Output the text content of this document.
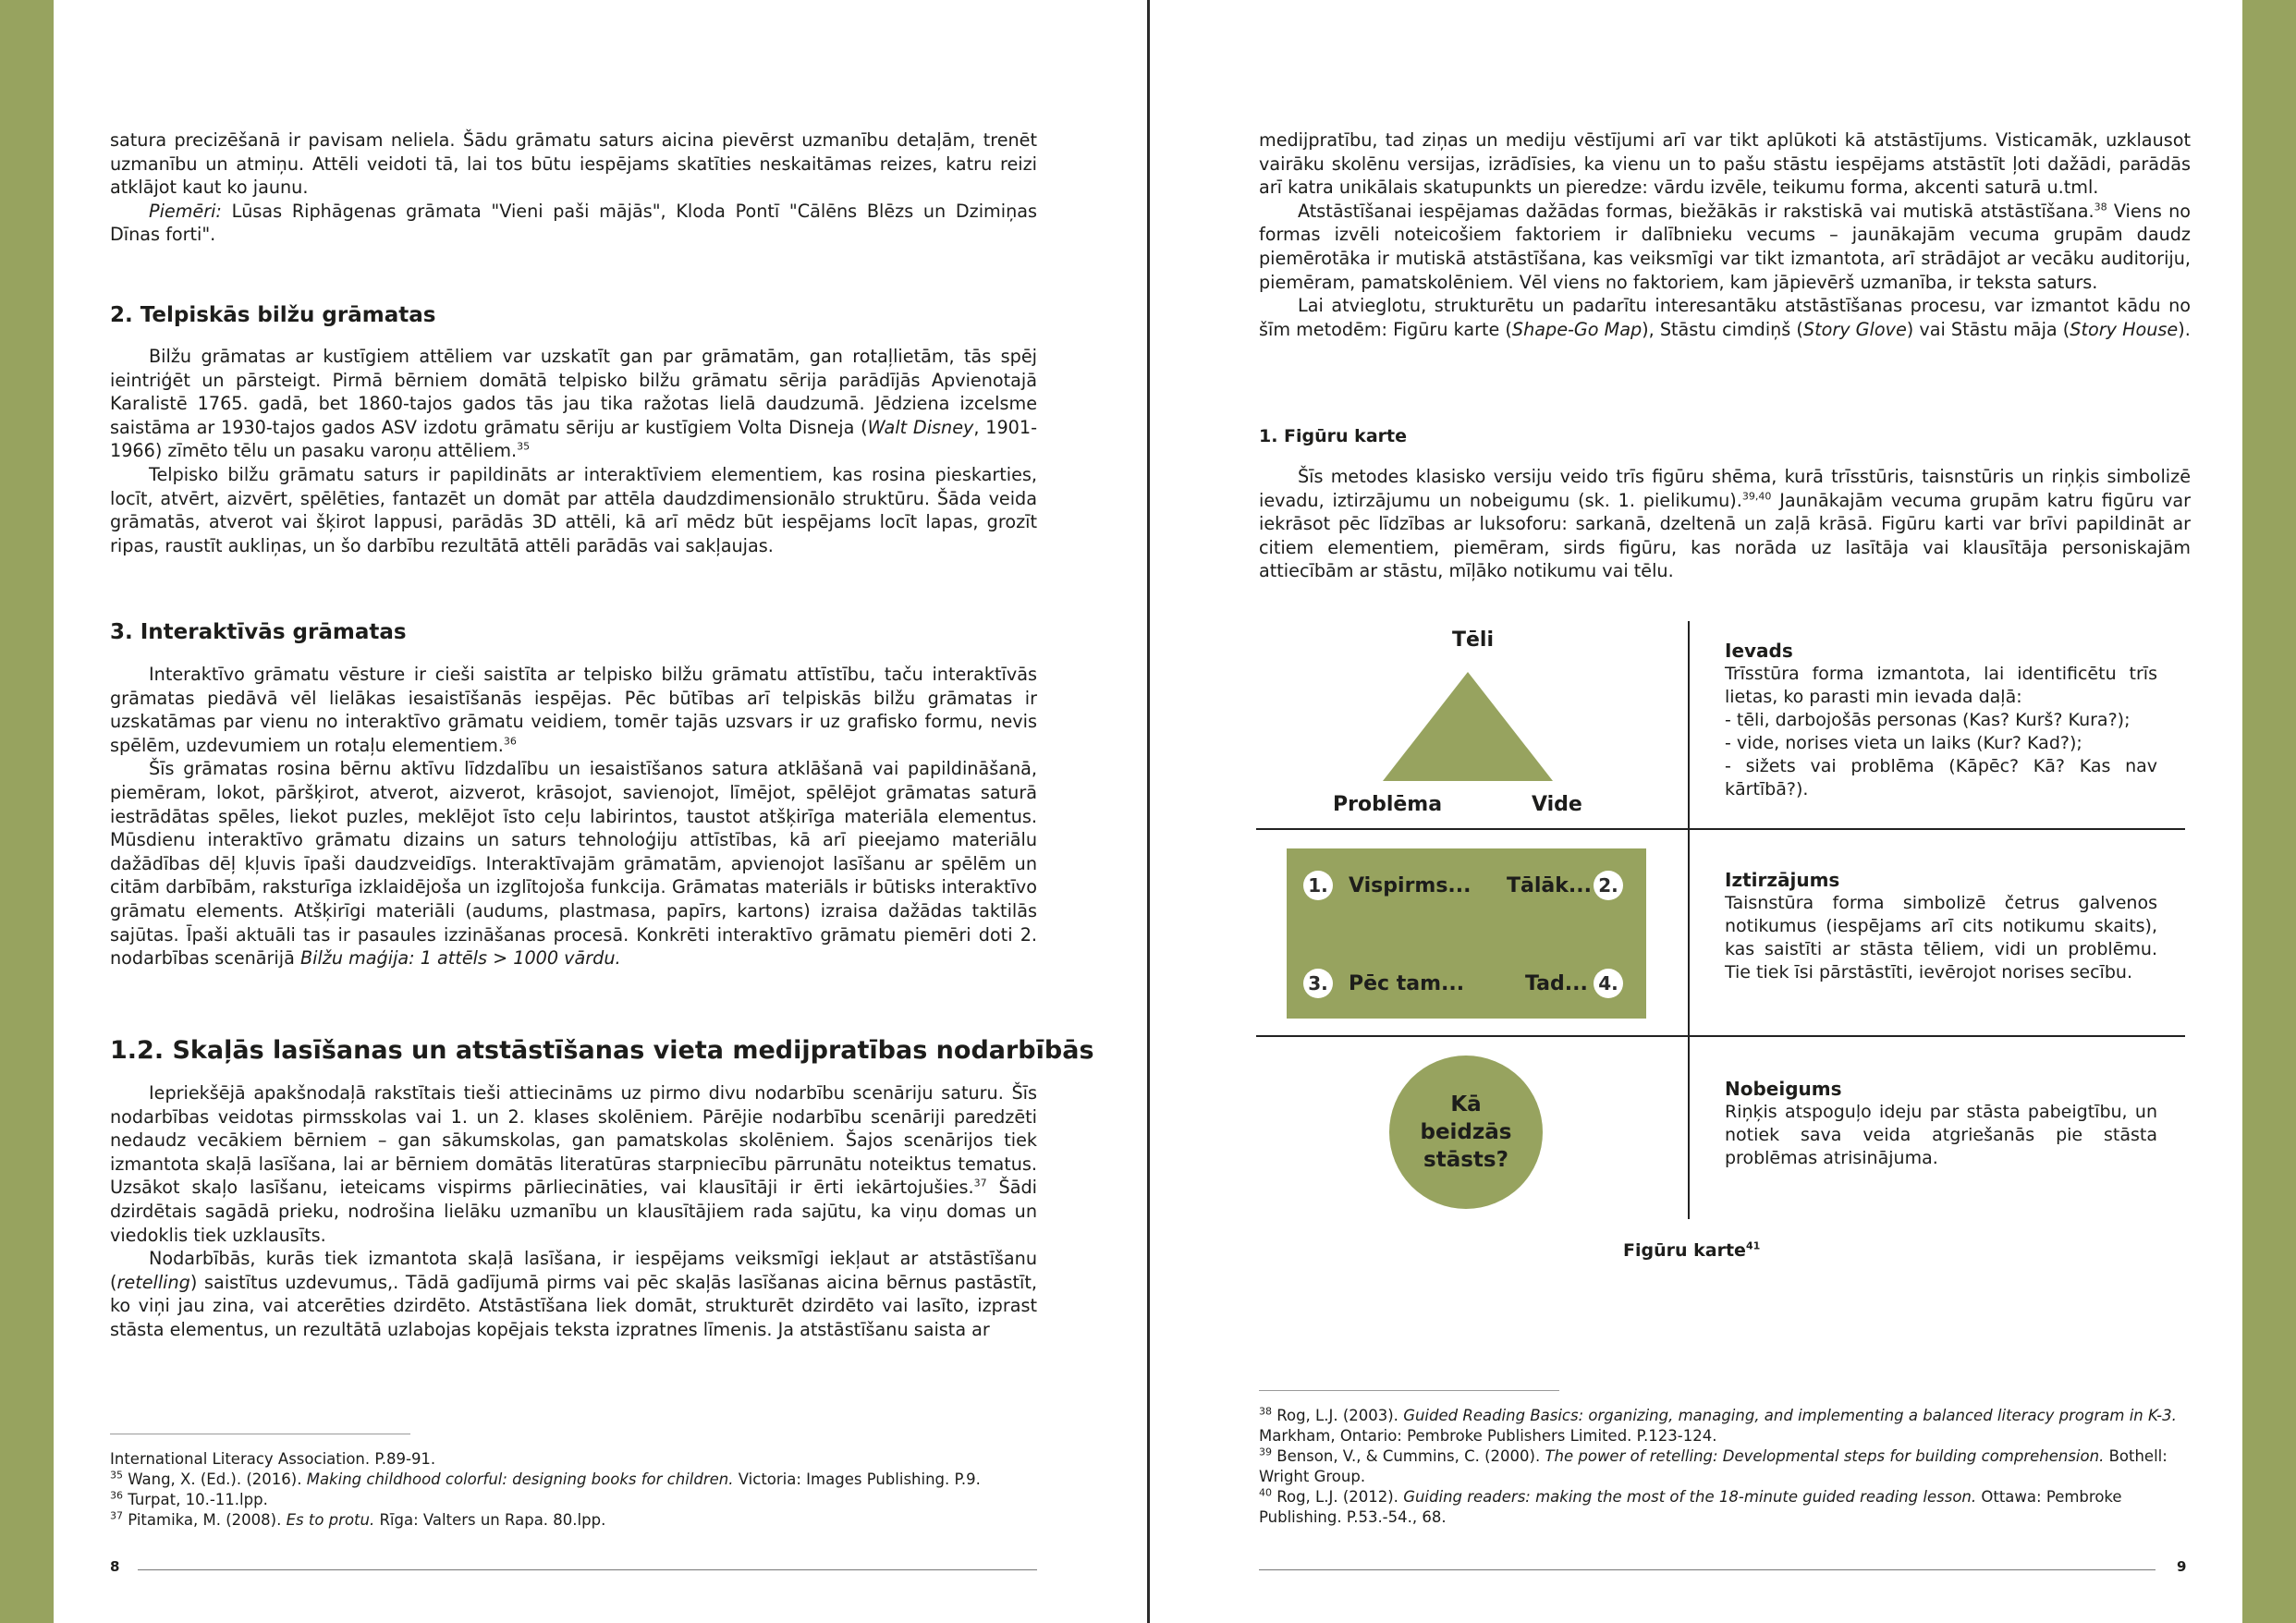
satura precizēšanā ir pavisam neliela. Šādu grāmatu saturs aicina pievērst uzmanību detaļām, trenēt uzmanību un atmiņu. Attēli veidoti tā, lai tos būtu iespējams skatīties neskaitāmas reizes, katru reizi atklājot kaut ko jaunu.

Piemēri: Lūsas Riphāgenas grāmata "Vieni paši mājās", Kloda Pontī "Cālēns Blēzs un Dzimiņas Dīnas forti".

2. Telpiskās bilžu grāmatas

Bilžu grāmatas ar kustīgiem attēliem var uzskatīt gan par grāmatām, gan rotaļlietām, tās spēj ieintriģēt un pārsteigt. Pirmā bērniem domātā telpisko bilžu grāmatu sērija parādījās Apvienotajā Karalistē 1765. gadā, bet 1860-tajos gados tās jau tika ražotas lielā daudzumā. Jēdziena izcelsme saistāma ar 1930-tajos gados ASV izdotu grāmatu sēriju ar kustīgiem Volta Disneja (Walt Disney, 1901-1966) zīmēto tēlu un pasaku varoņu attēliem.$^{35}$

Telpisko bilžu grāmatu saturs ir papildināts ar interaktīviem elementiem, kas rosina pieskarties, locīt, atvērt, aizvērt, spēlēties, fantazēt un domāt par attēla daudzdimensionālo struktūru. Šāda veida grāmatās, atverot vai šķirot lappusi, parādās 3D attēli, kā arī mēdz būt iespējams locīt lapas, grozīt ripas, raustīt aukliņas, un šo darbību rezultātā attēli parādās vai sakļaujas.

3. Interaktīvās grāmatas

Interaktīvo grāmatu vēsture ir cieši saistīta ar telpisko bilžu grāmatu attīstību, taču interaktīvās grāmatas piedāvā vēl lielākas iesaistīšanās iespējas. Pēc būtības arī telpiskās bilžu grāmatas ir uzskatāmas par vienu no interaktīvo grāmatu veidiem, tomēr tajās uzsvars ir uz grafisko formu, nevis spēlēm, uzdevumiem un rotaļu elementiem.$^{36}$

Šīs grāmatas rosina bērnu aktīvu līdzdalību un iesaistīšanos satura atklāšanā vai papildināšanā, piemēram, lokot, pāršķirot, atverot, aizverot, krāsojot, savienojot, līmējot, spēlējot grāmatas saturā iestrādātas spēles, liekot puzles, meklējot īsto ceļu labirintos, taustot atšķirīga materiāla elementus. Mūsdienu interaktīvo grāmatu dizains un saturs tehnoloģiju attīstības, kā arī pieejamo materiālu dažādības dēļ kļuvis īpaši daudzveidīgs. Interaktīvajām grāmatām, apvienojot lasīšanu ar spēlēm un citām darbībām, raksturīga izklaidējoša un izglītojoša funkcija. Grāmatas materiāls ir būtisks interaktīvo grāmatu elements. Atšķirīgi materiāli (audums, plastmasa, papīrs, kartons) izraisa dažādas taktilās sajūtas. Īpaši aktuāli tas ir pasaules izzināšanas procesā. Konkrēti interaktīvo grāmatu piemēri doti 2. nodarbības scenārijā Bilžu maģija: 1 attēls > 1000 vārdu.

1.2. Skaļās lasīšanas un atstāstīšanas vieta medijpratības nodarbībās

Iepriekšējā apakšnodaļā rakstītais tieši attiecināms uz pirmo divu nodarbību scenāriju saturu. Šīs nodarbības veidotas pirmsskolas vai 1. un 2. klases skolēniem. Pārējie nodarbību scenāriji paredzēti nedaudz vecākiem bērniem – gan sākumskolas, gan pamatskolas skolēniem. Šajos scenārijos tiek izmantota skaļā lasīšana, lai ar bērniem domātās literatūras starpniecību pārrunātu noteiktus tematus. Uzsākot skaļo lasīšanu, ieteicams vispirms pārliecināties, vai klausītāji ir ērti iekārtojušies.$^{37}$ Šādi dzirdētais sagādā prieku, nodrošina lielāku uzmanību un klausītājiem rada sajūtu, ka viņu domas un viedoklis tiek uzklausīts.

Nodarbībās, kurās tiek izmantota skaļā lasīšana, ir iespējams veiksmīgi iekļaut ar atstāstīšanu (retelling) saistītus uzdevumus,. Tādā gadījumā pirms vai pēc skaļās lasīšanas aicina bērnus pastāstīt, ko viņi jau zina, vai atcerēties dzirdēto. Atstāstīšana liek domāt, strukturēt dzirdēto vai lasīto, izprast stāsta elementus, un rezultātā uzlabojas kopējais teksta izpratnes līmenis. Ja atstāstīšanu saista ar

International Literacy Association. P.89-91.

$^{35}$ Wang, X. (Ed.). (2016). Making childhood colorful: designing books for children. Victoria: Images Publishing. P.9.

$^{36}$ Turpat, 10.-11.lpp.

$^{37}$ Pitamika, M. (2008). Es to protu. Rīga: Valters un Rapa. 80.lpp.

8

medijpratību, tad ziņas un mediju vēstījumi arī var tikt aplūkoti kā atstāstījums. Visticamāk, uzklausot vairāku skolēnu versijas, izrādīsies, ka vienu un to pašu stāstu iespējams atstāstīt ļoti dažādi, parādās arī katra unikālais skatupunkts un pieredze: vārdu izvēle, teikumu forma, akcenti saturā u.tml.

Atstāstīšanai iespējamas dažādas formas, biežākās ir rakstiskā vai mutiskā atstāstīšana.$^{38}$ Viens no formas izvēli noteicošiem faktoriem ir dalībnieku vecums – jaunākajām vecuma grupām daudz piemērotāka ir mutiskā atstāstīšana, kas veiksmīgi var tikt izmantota, arī strādājot ar vecāku auditoriju, piemēram, pamatskolēniem. Vēl viens no faktoriem, kam jāpievērš uzmanība, ir teksta saturs.

Lai atvieglotu, strukturētu un padarītu interesantāku atstāstīšanas procesu, var izmantot kādu no šīm metodēm: Figūru karte (Shape-Go Map), Stāstu cimdiņš (Story Glove) vai Stāstu māja (Story House).

1. Figūru karte

Šīs metodes klasisko versiju veido trīs figūru shēma, kurā trīsstūris, taisnstūris un riņķis simbolizē ievadu, iztirzājumu un nobeigumu (sk. 1. pielikumu).$^{39,40}$ Jaunākajām vecuma grupām katru figūru var iekrāsot pēc līdzības ar luksoforu: sarkanā, dzeltenā un zaļā krāsā. Figūru karti var brīvi papildināt ar citiem elementiem, piemēram, sirds figūru, kas norāda uz lasītāja vai klausītāja personiskajām attiecībām ar stāstu, mīļāko notikumu vai tēlu.

Tēli
Problēma	Vide

Ievads

Trīsstūra forma izmantota, lai identificētu trīs lietas, ko parasti min ievada daļā:

- tēli, darbojošās personas (Kas? Kurš? Kura?);

- vide, norises vieta un laiks (Kur? Kad?);

- sižets vai problēma (Kāpēc? Kā? Kas nav kārtībā?).

1. Vispirms... Tālāk... 2.
3. Pēc tam...	Tad... 4.

Iztirzājums

Taisnstūra forma simbolizē četrus galvenos notikumus (iespējams arī cits notikumu skaits), kas saistīti ar stāsta tēliem, vidi un problēmu. Tie tiek īsi pārstāstīti, ievērojot norises secību.

Kā beidzās stāsts?

Nobeigums

Riņķis atspoguļo ideju par stāsta pabeigtību, un notiek sava veida atgriešanās pie stāsta problēmas atrisinājuma.

Figūru karte$^{41}$

$^{38}$ Rog, L.J. (2003). Guided Reading Basics: organizing, managing, and implementing a balanced literacy program in K-3. Markham, Ontario: Pembroke Publishers Limited. P.123-124.

$^{39}$ Benson, V., & Cummins, C. (2000). The power of retelling: Developmental steps for building comprehension. Bothell: Wright Group.

$^{40}$ Rog, L.J. (2012). Guiding readers: making the most of the 18-minute guided reading lesson. Ottawa: Pembroke Publishing. P.53.-54., 68.

9
